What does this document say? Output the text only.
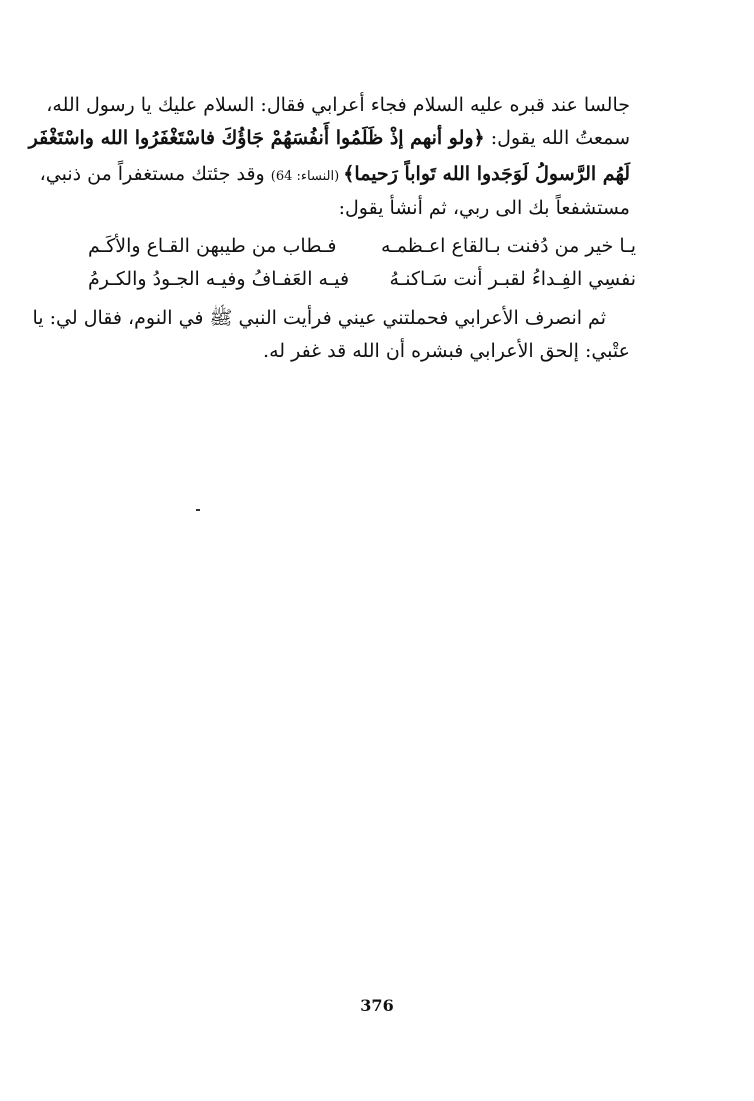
جالسا عند قبره عليه السلام فجاء أعرابي فقال: السلام عليك يا رسول الله،
سمعتُ الله يقول: ﴿ولو أنهم إذْ ظَلَمُوا أَنفُسَهُمْ جَاؤُكَ فاسْتَغْفَرُوا الله واسْتَغْفَر
لَهُم الرَّسولُ لَوَجَدوا الله تَواباً رَحيما﴾ (النساء: 64) وقد جئتك مستغفراً من ذنبي،
مستشفعاً بك الى ربي، ثم أنشأ يقول:
يـا خير من دُفنت بـالقاع اعـظمـه
فـطاب من طيبهن القـاع والأكَـم
نفسِي الفِـداءُ لقبـر أنت سَـاكنـهُ
فيـه العَفـافُ وفيـه الجـودُ والكـرمُ
ثم انصرف الأعرابي فحملتني عيني فرأيت النبي ﷺ في النوم، فقال لي: يا
عتْبي: إلحق الأعرابي فبشره أن الله قد غفر له.
376
